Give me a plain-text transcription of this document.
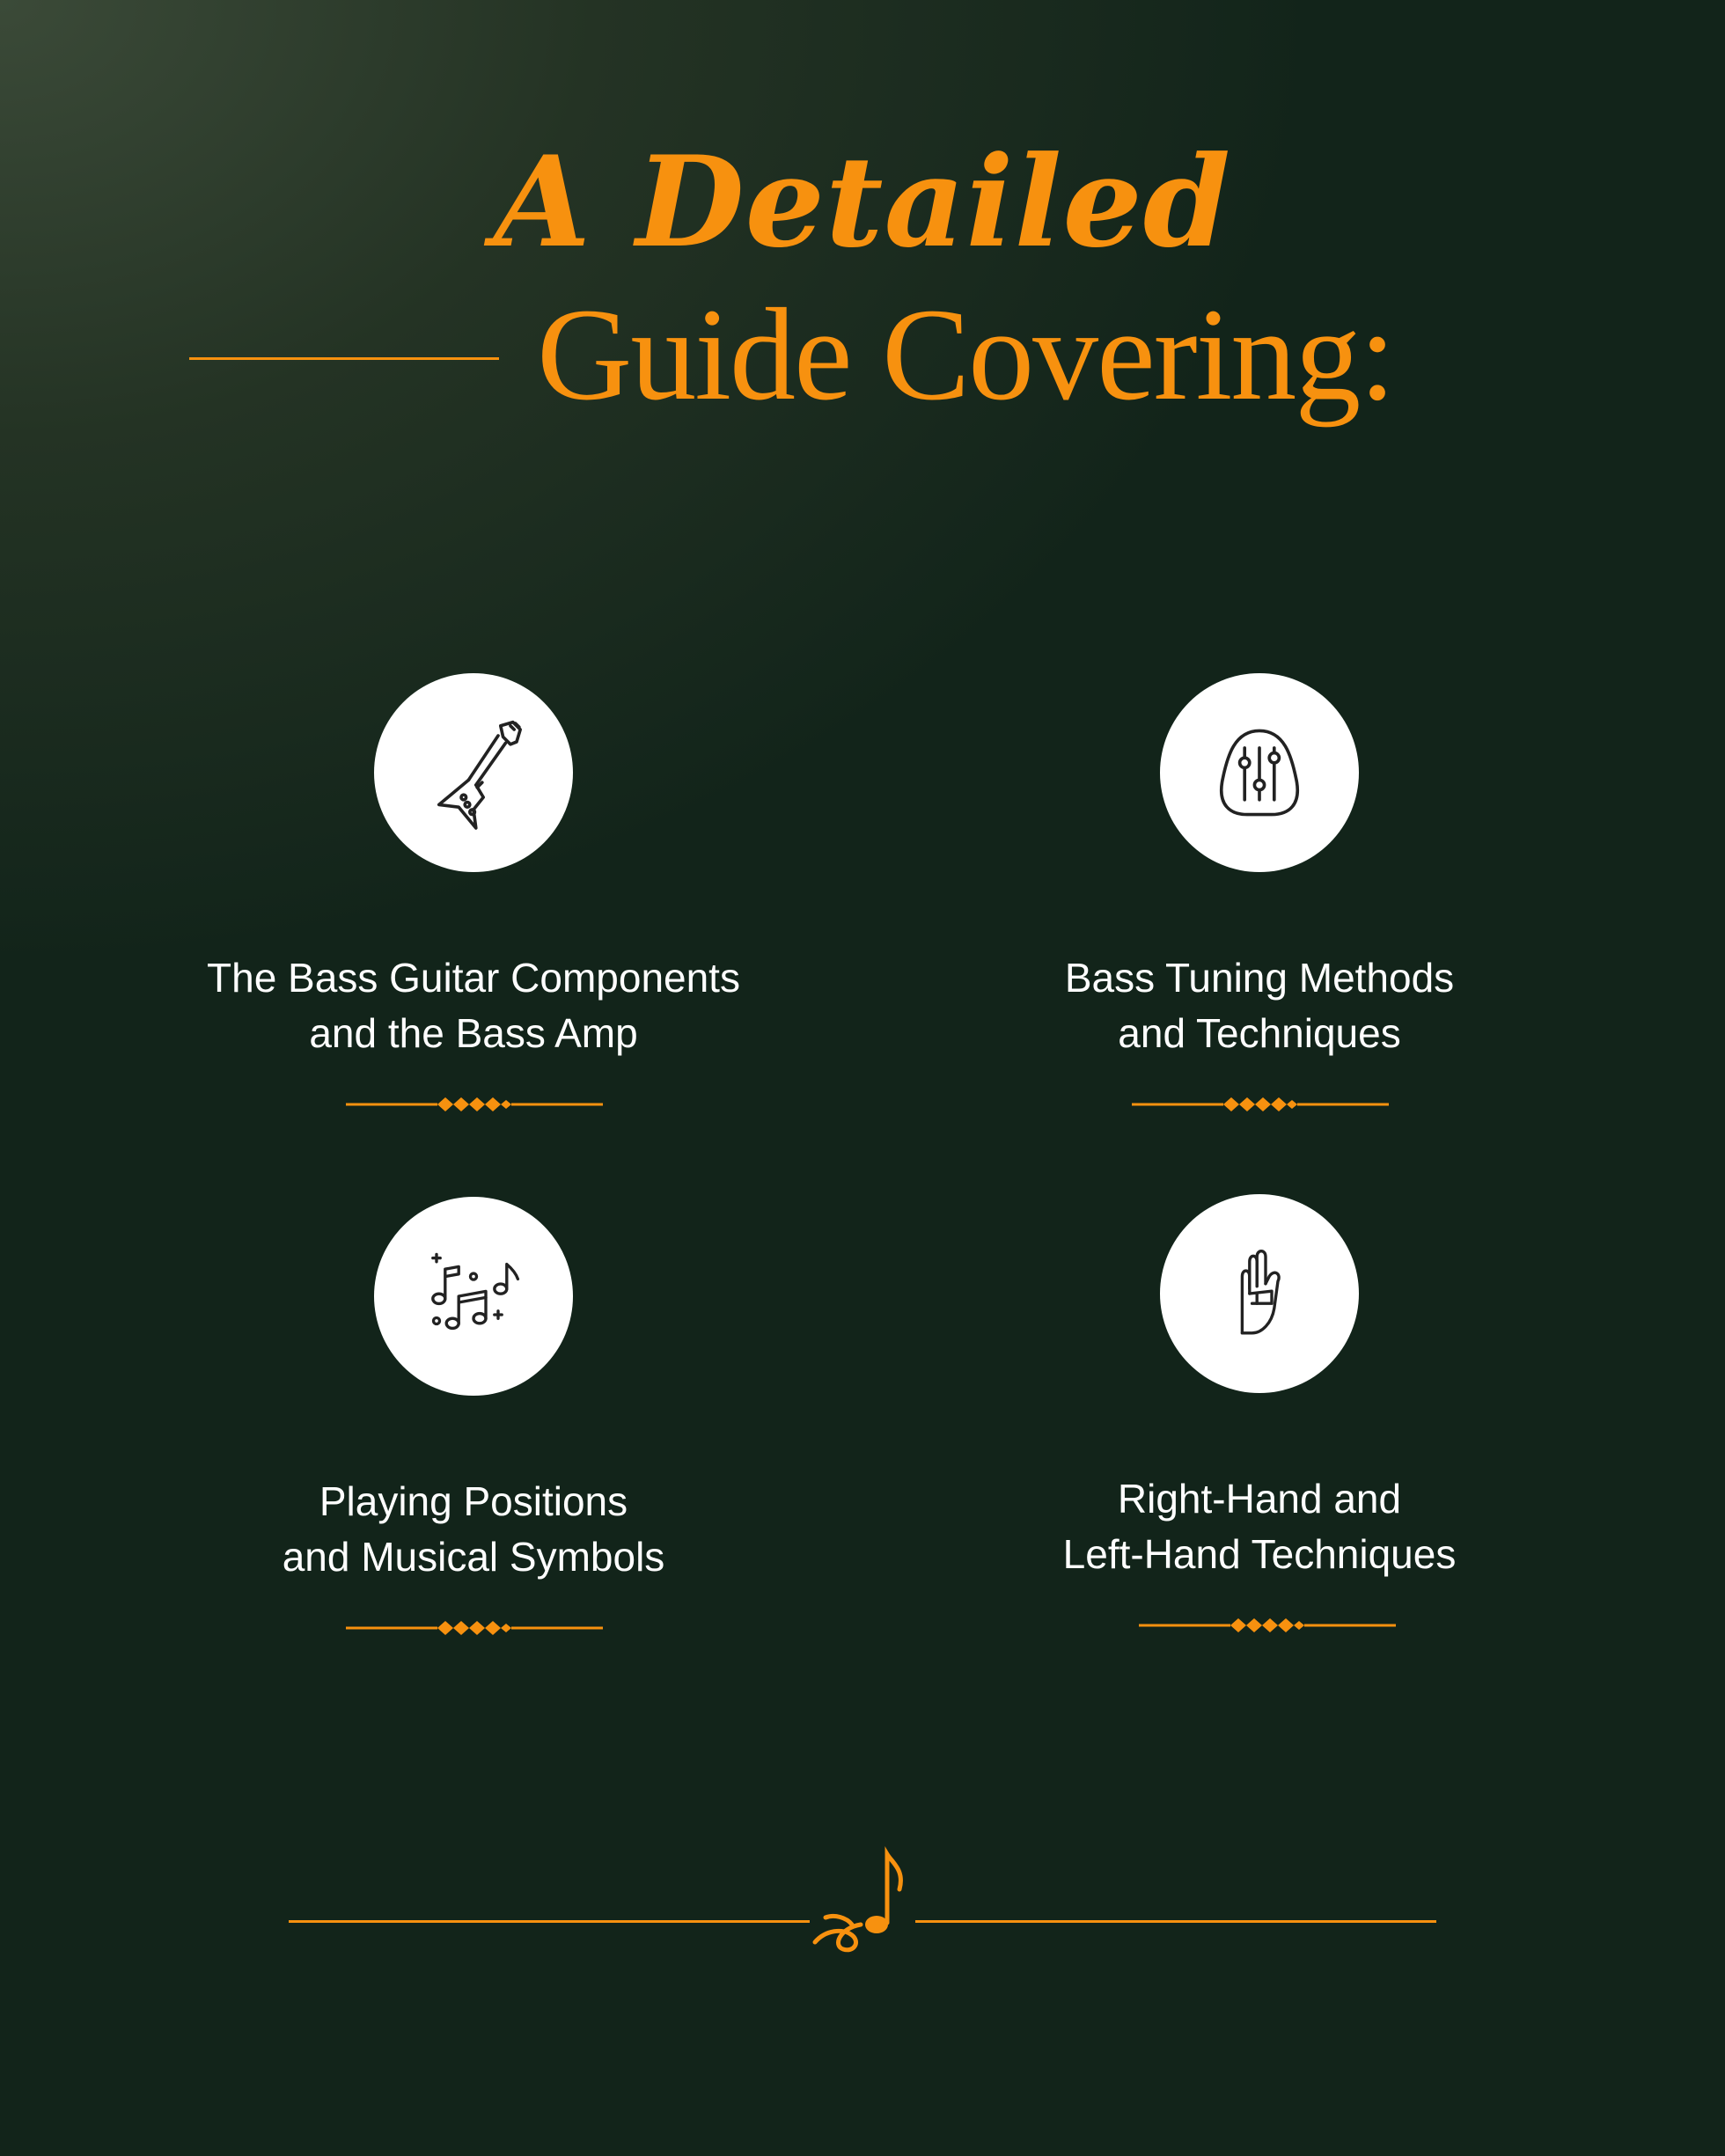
A Detailed
Guide Covering:
The Bass Guitar Components
and the Bass Amp
Bass Tuning Methods
and Techniques
Playing Positions
and Musical Symbols
Right-Hand and
Left-Hand Techniques
